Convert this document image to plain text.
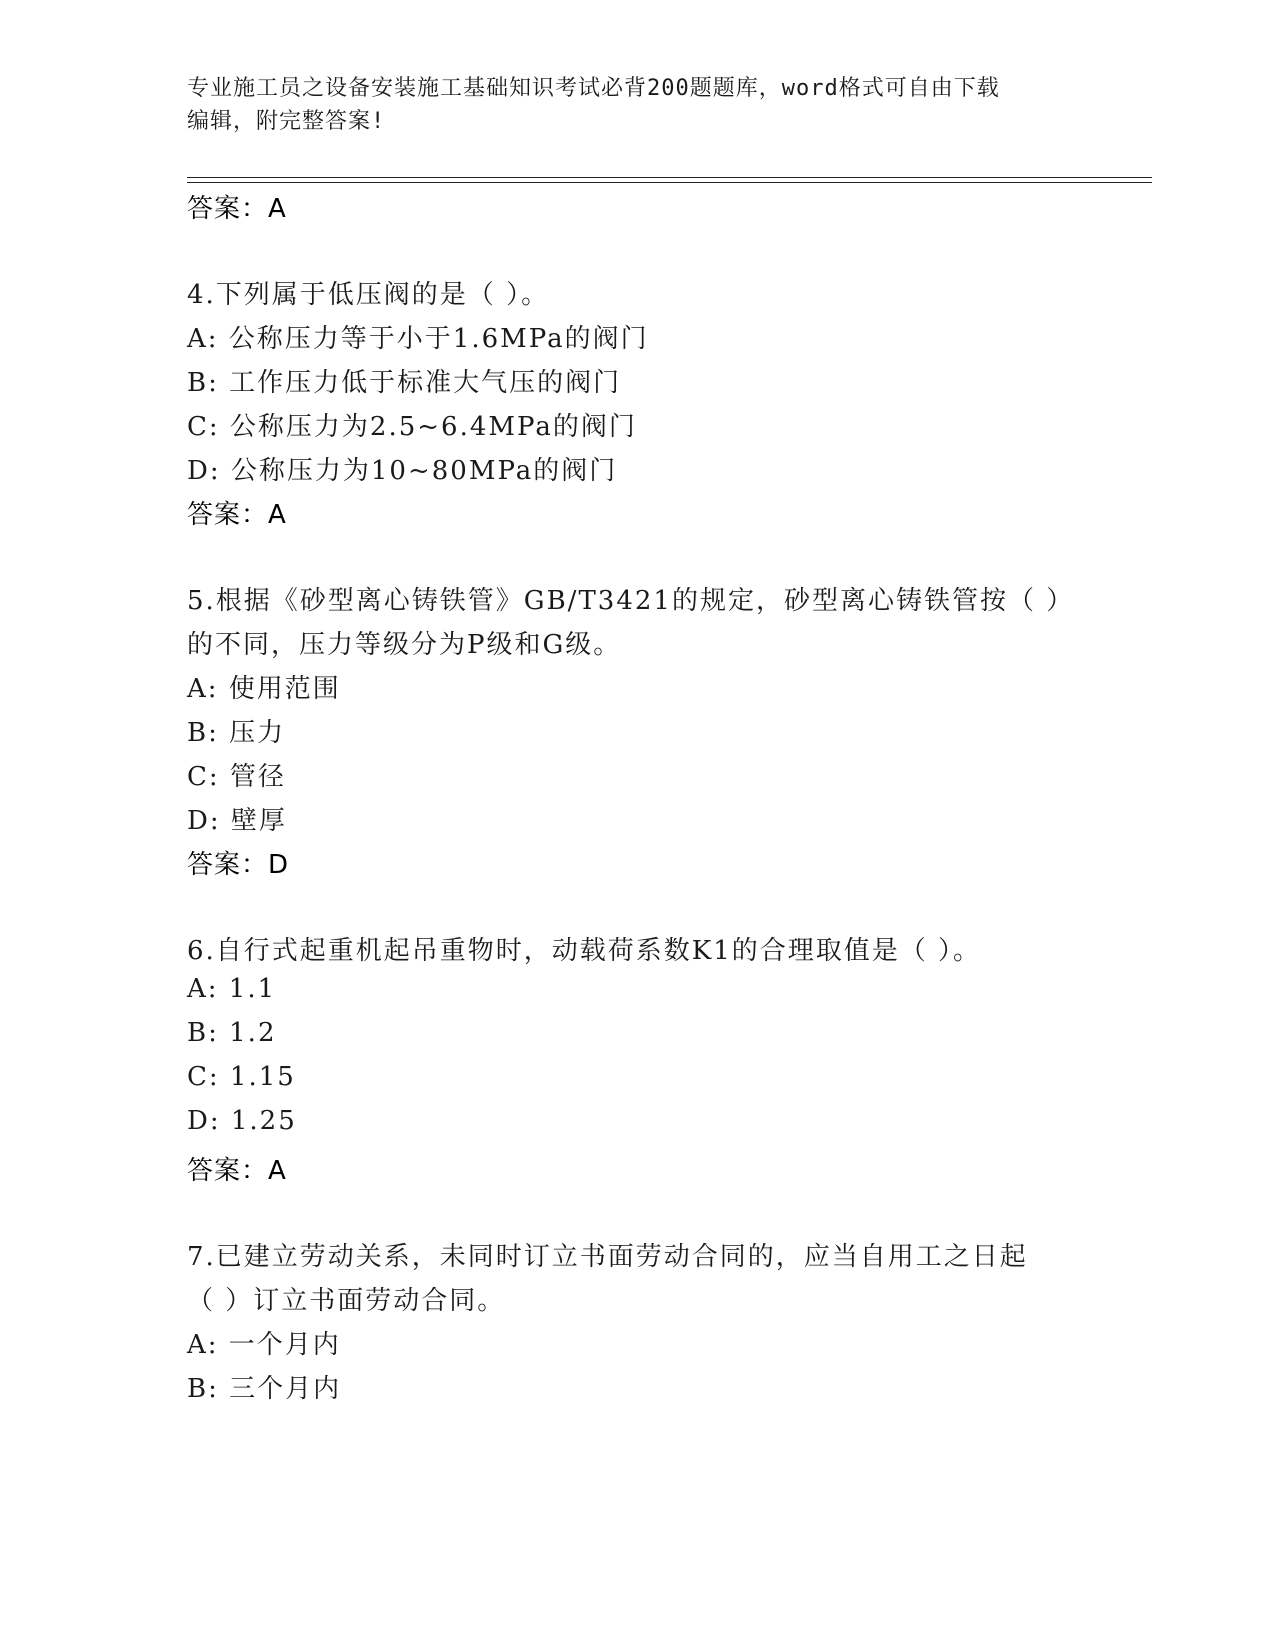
专业施工员之设备安装施工基础知识考试必背200题题库，word格式可自由下载
编辑，附完整答案!
答案：A
4.下列属于低压阀的是（ ）。
A: 公称压力等于小于1.6MPa的阀门
B: 工作压力低于标准大气压的阀门
C: 公称压力为2.5~6.4MPa的阀门
D: 公称压力为10~80MPa的阀门
答案：A
5.根据《砂型离心铸铁管》GB/T3421的规定，砂型离心铸铁管按（ ）
的不同，压力等级分为P级和G级。
A: 使用范围
B: 压力
C: 管径
D: 壁厚
答案：D
6.自行式起重机起吊重物时，动载荷系数K1的合理取值是（ ）。
A: 1.1
B: 1.2
C: 1.15
D: 1.25
答案：A
7.已建立劳动关系，未同时订立书面劳动合同的，应当自用工之日起
（ ）订立书面劳动合同。
A: 一个月内
B: 三个月内
